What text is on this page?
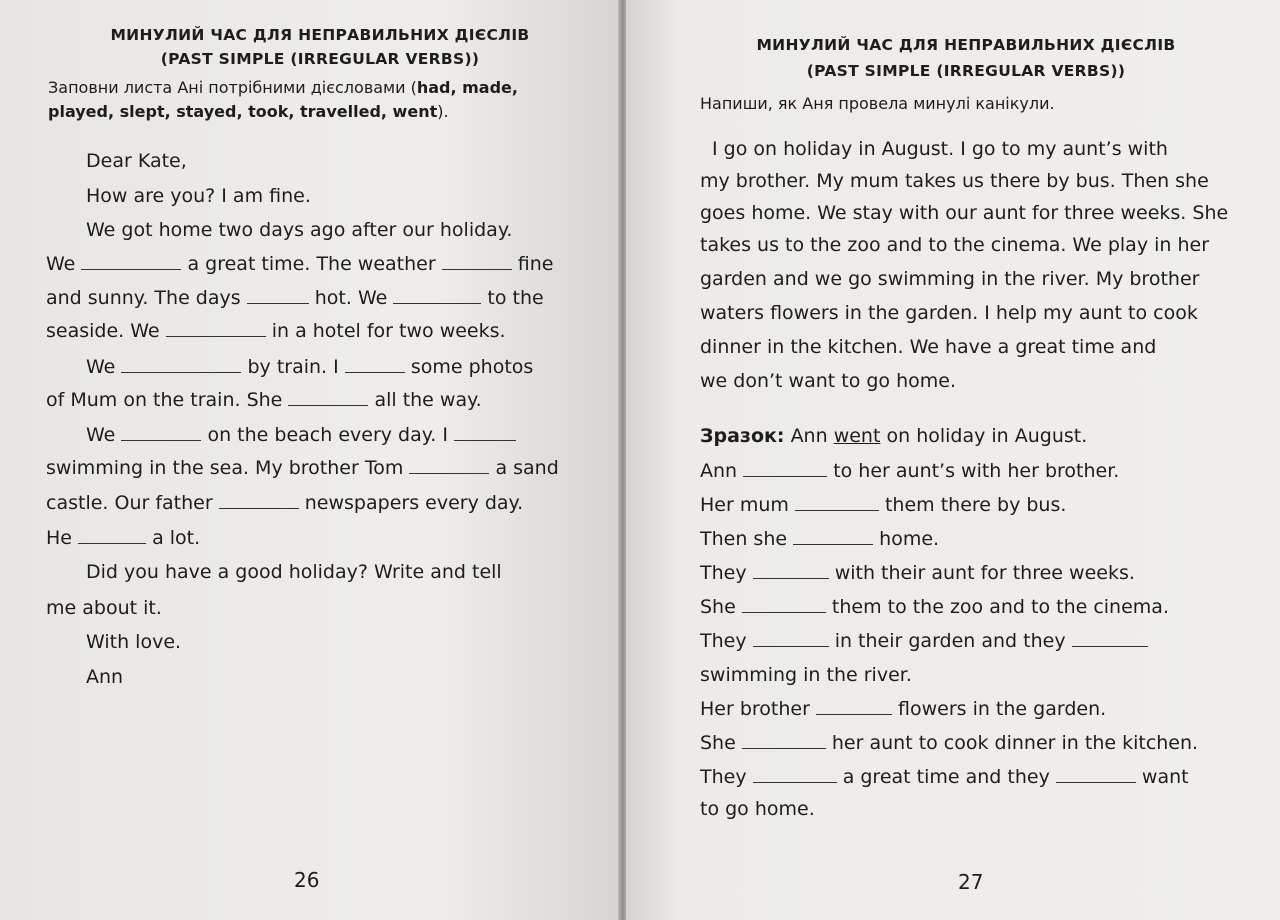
МИНУЛИЙ ЧАС ДЛЯ НЕПРАВИЛЬНИХ ДІЄСЛІВ
(PAST SIMPLE (IRREGULAR VERBS))
Заповни листа Ані потрібними дієсловами (had, made,
played, slept, stayed, took, travelled, went).
Dear Kate,
How are you? I am fine.
We got home two days ago after our holiday.
We	a great time. The weather	fine
and sunny. The days	hot. We	to the
seaside. We	in a hotel for two weeks.
We	by train. I	some photos
of Mum on the train. She	all the way.
We	on the beach every day. I
swimming in the sea. My brother Tom	a sand
castle. Our father	newspapers every day.
He	a lot.
Did you have a good holiday? Write and tell
me about it.
With love.
Ann
26
МИНУЛИЙ ЧАС ДЛЯ НЕПРАВИЛЬНИХ ДІЄСЛІВ
(PAST SIMPLE (IRREGULAR VERBS))
Напиши, як Аня провела минулі канікули.
I go on holiday in August. I go to my aunt’s with
my brother. My mum takes us there by bus. Then she
goes home. We stay with our aunt for three weeks. She
takes us to the zoo and to the cinema. We play in her
garden and we go swimming in the river. My brother
waters flowers in the garden. I help my aunt to cook
dinner in the kitchen. We have a great time and
we don’t want to go home.
Зразок: Ann went on holiday in August.
Ann	to her aunt’s with her brother.
Her mum	them there by bus.
Then she	home.
They	with their aunt for three weeks.
She	them to the zoo and to the cinema.
They	in their garden and they
swimming in the river.
Her brother	flowers in the garden.
She	her aunt to cook dinner in the kitchen.
They	a great time and they	want
to go home.
27
